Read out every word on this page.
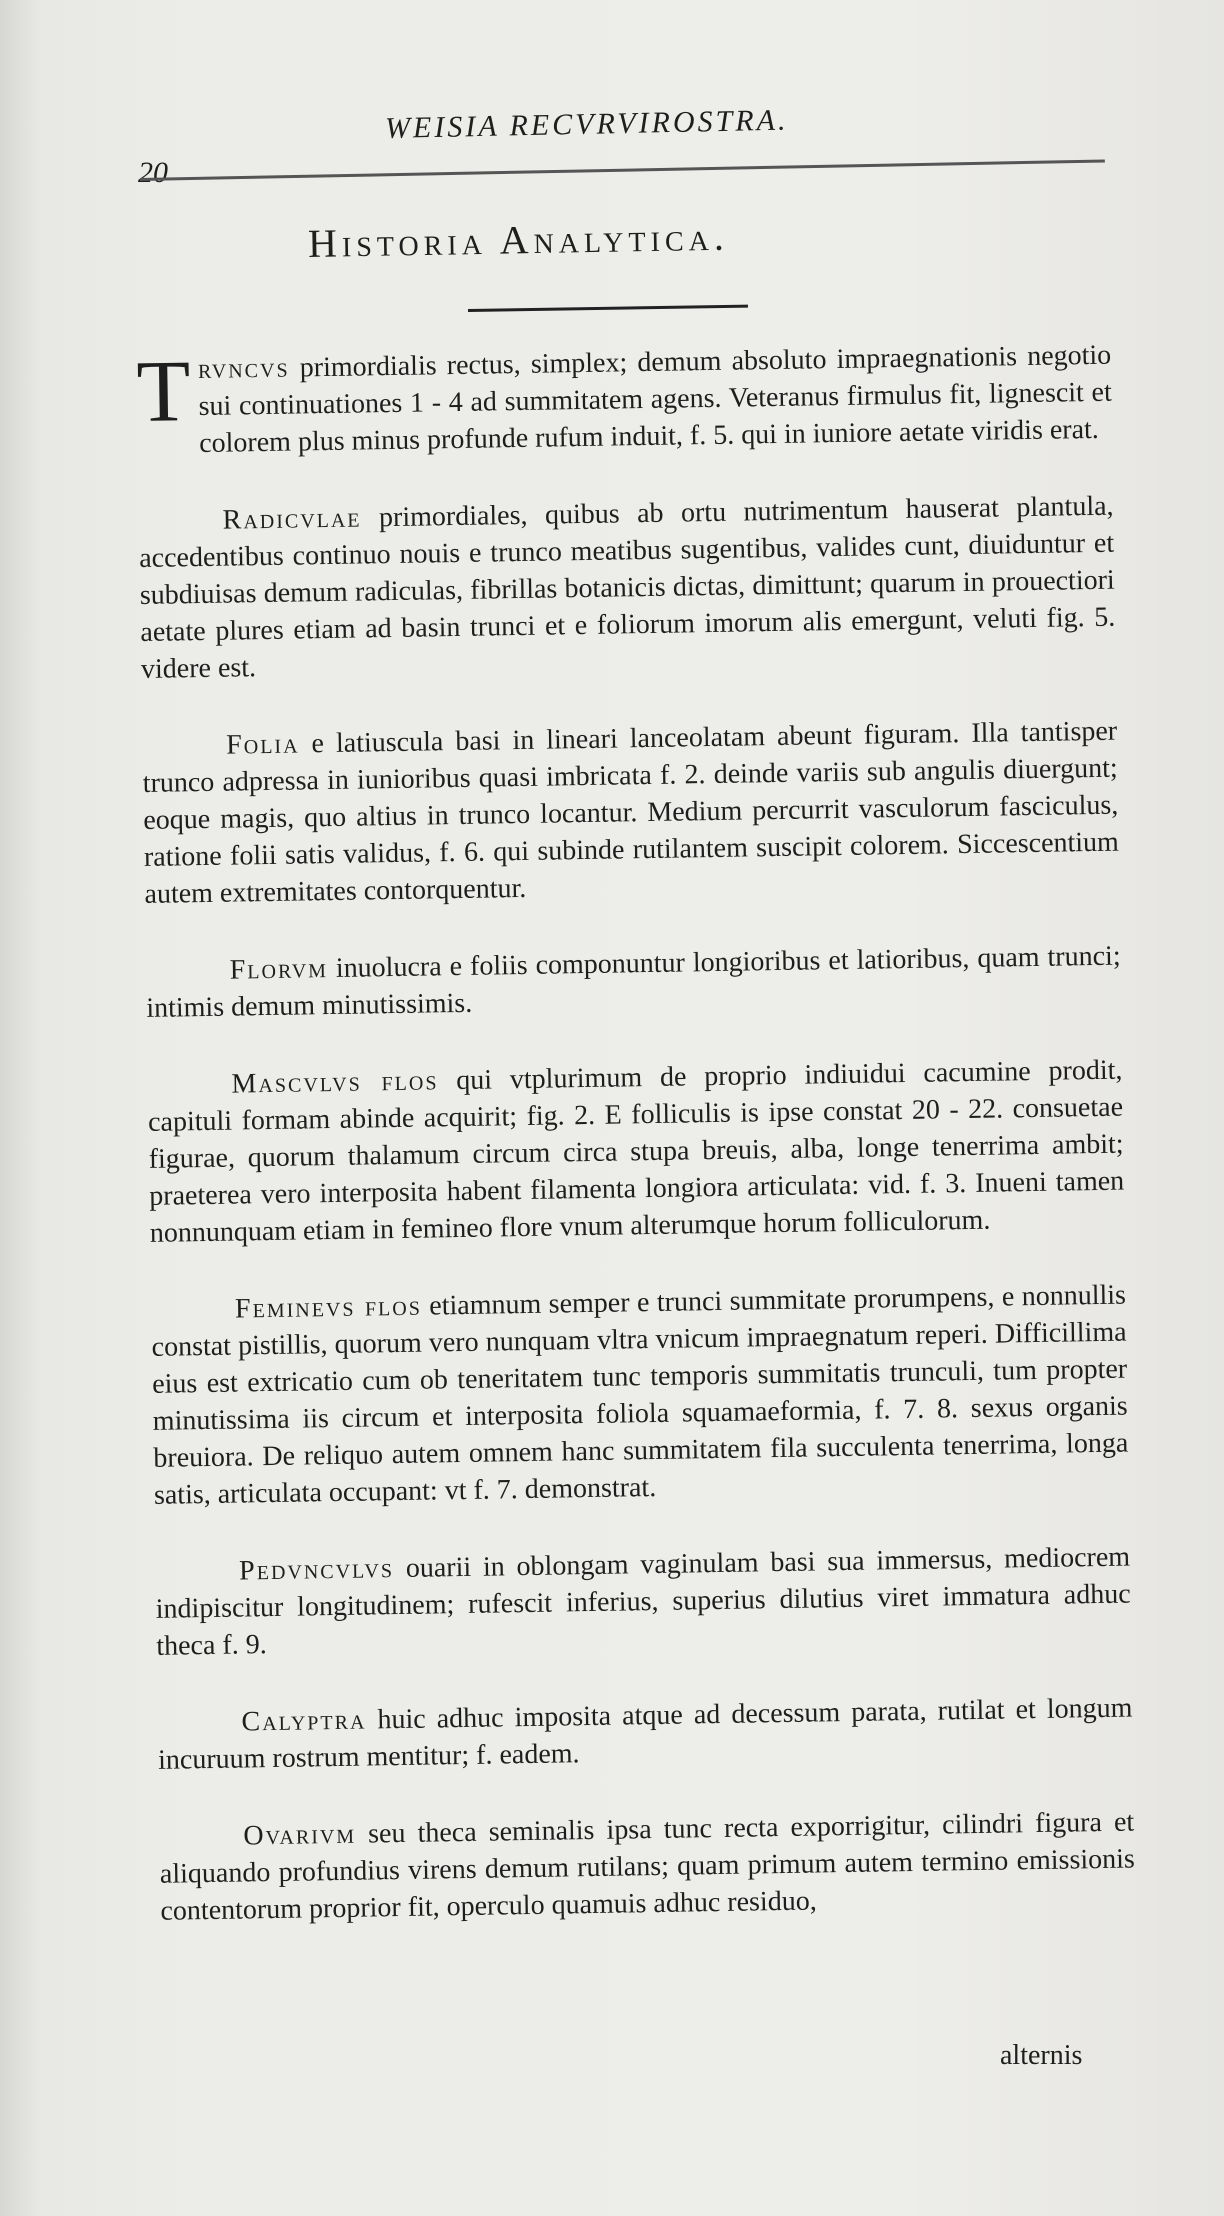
20
WEISIA RECVRVIROSTRA.
Historia Analytica.

Trvncvs primordialis rectus, simplex; demum absoluto impraegnationis negotio sui continuationes 1 - 4 ad summitatem agens. Veteranus firmulus fit, lignescit et colorem plus minus profunde rufum induit, f. 5. qui in iuniore aetate viridis erat.

Radicvlae primordiales, quibus ab ortu nutrimentum hauserat plantula, accedentibus continuo nouis e trunco meatibus sugentibus, valides cunt, diuiduntur et subdiuisas demum radiculas, fibrillas botanicis dictas, dimittunt; quarum in prouectiori aetate plures etiam ad basin trunci et e foliorum imorum alis emergunt, veluti fig. 5. videre est.

Folia e latiuscula basi in lineari lanceolatam abeunt figuram. Illa tantisper trunco adpressa in iunioribus quasi imbricata f. 2. deinde variis sub angulis diuergunt; eoque magis, quo altius in trunco locantur. Medium percurrit vasculorum fasciculus, ratione folii satis validus, f. 6. qui subinde rutilantem suscipit colorem. Siccescentium autem extremitates contorquentur.

Florvm inuolucra e foliis componuntur longioribus et latioribus, quam trunci; intimis demum minutissimis.

Mascvlvs flos qui vtplurimum de proprio indiuidui cacumine prodit, capituli formam abinde acquirit; fig. 2. E folliculis is ipse constat 20 - 22. consuetae figurae, quorum thalamum circum circa stupa breuis, alba, longe tenerrima ambit; praeterea vero interposita habent filamenta longiora articulata: vid. f. 3. Inueni tamen nonnunquam etiam in femineo flore vnum alterumque horum folliculorum.

Feminevs flos etiamnum semper e trunci summitate prorumpens, e nonnullis constat pistillis, quorum vero nunquam vltra vnicum impraegnatum reperi. Difficillima eius est extricatio cum ob teneritatem tunc temporis summitatis trunculi, tum propter minutissima iis circum et interposita foliola squamaeformia, f. 7. 8. sexus organis breuiora. De reliquo autem omnem hanc summitatem fila succulenta tenerrima, longa satis, articulata occupant: vt f. 7. demonstrat.

Pedvncvlvs ouarii in oblongam vaginulam basi sua immersus, mediocrem indipiscitur longitudinem; rufescit inferius, superius dilutius viret immatura adhuc theca f. 9.

Calyptra huic adhuc imposita atque ad decessum parata, rutilat et longum incuruum rostrum mentitur; f. eadem.

Ovarivm seu theca seminalis ipsa tunc recta exporrigitur, cilindri figura et aliquando profundius virens demum rutilans; quam primum autem termino emissionis contentorum proprior fit, operculo quamuis adhuc residuo,

alternis
